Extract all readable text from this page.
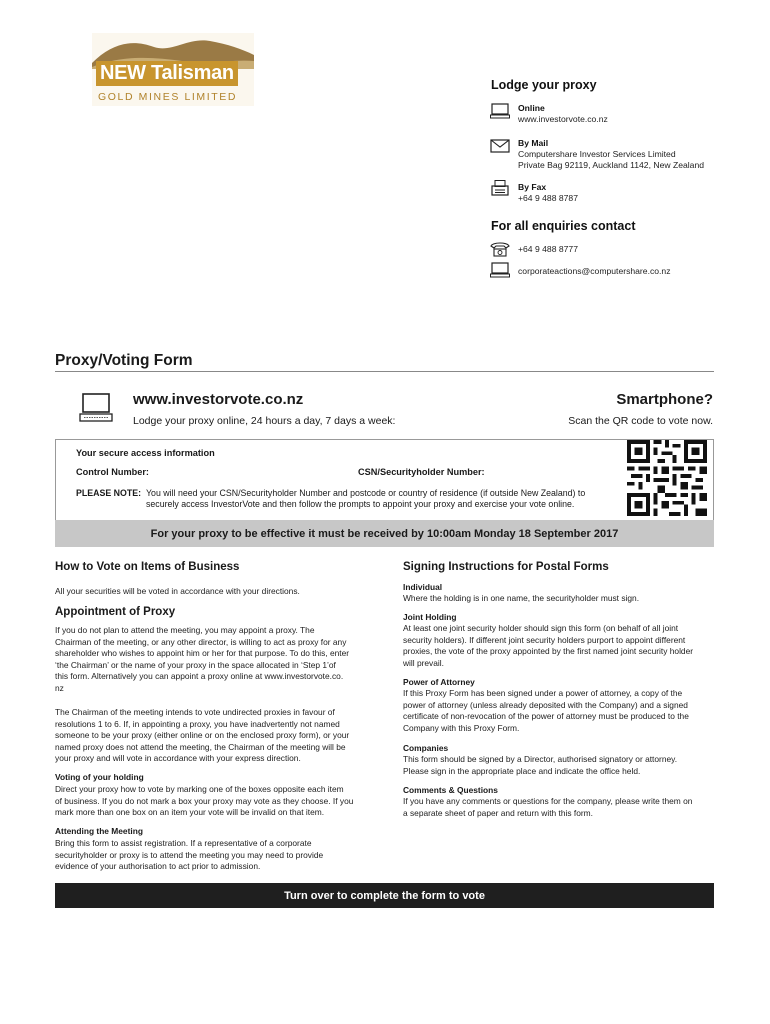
NEW Talisman
GOLD MINES LIMITED
Lodge your proxy
Online
www.investorvote.co.nz
By Mail
Computershare Investor Services Limited
Private Bag 92119, Auckland 1142, New Zealand
By Fax
+64 9 488 8787
For all enquiries contact
+64 9 488 8777
corporateactions@computershare.co.nz
Proxy/Voting Form
www.investorvote.co.nz
Lodge your proxy online, 24 hours a day, 7 days a week:
Smartphone?
Scan the QR code to vote now.
Your secure access information
Control Number:	CSN/Securityholder Number:
PLEASE NOTE: You will need your CSN/Securityholder Number and postcode or country of residence (if outside New Zealand) to
securely access InvestorVote and then follow the prompts to appoint your proxy and exercise your vote online.
For your proxy to be effective it must be received by 10:00am Monday 18 September 2017
How to Vote on Items of Business
All your securities will be voted in accordance with your directions.
Appointment of Proxy
If you do not plan to attend the meeting, you may appoint a proxy. The
Chairman of the meeting, or any other director, is willing to act as proxy for any
shareholder who wishes to appoint him or her for that purpose. To do this, enter
‘the Chairman’ or the name of your proxy in the space allocated in ‘Step 1’of
this form. Alternatively you can appoint a proxy online at www.investorvote.co.
nz
The Chairman of the meeting intends to vote undirected proxies in favour of
resolutions 1 to 6. If, in appointing a proxy, you have inadvertently not named
someone to be your proxy (either online or on the enclosed proxy form), or your
named proxy does not attend the meeting, the Chairman of the meeting will be
your proxy and will vote in accordance with your express direction.
Voting of your holding
Direct your proxy how to vote by marking one of the boxes opposite each item
of business. If you do not mark a box your proxy may vote as they choose. If you
mark more than one box on an item your vote will be invalid on that item.
Attending the Meeting
Bring this form to assist registration. If a representative of a corporate
securityholder or proxy is to attend the meeting you may need to provide
evidence of your authorisation to act prior to admission.
Signing Instructions for Postal Forms
Individual
Where the holding is in one name, the securityholder must sign.
Joint Holding
At least one joint security holder should sign this form (on behalf of all joint
security holders). If different joint security holders purport to appoint different
proxies, the vote of the proxy appointed by the first named joint security holder
will prevail.
Power of Attorney
If this Proxy Form has been signed under a power of attorney, a copy of the
power of attorney (unless already deposited with the Company) and a signed
certificate of non-revocation of the power of attorney must be produced to the
Company with this Proxy Form.
Companies
This form should be signed by a Director, authorised signatory or attorney.
Please sign in the appropriate place and indicate the office held.
Comments & Questions
If you have any comments or questions for the company, please write them on
a separate sheet of paper and return with this form.
Turn over to complete the form to vote
